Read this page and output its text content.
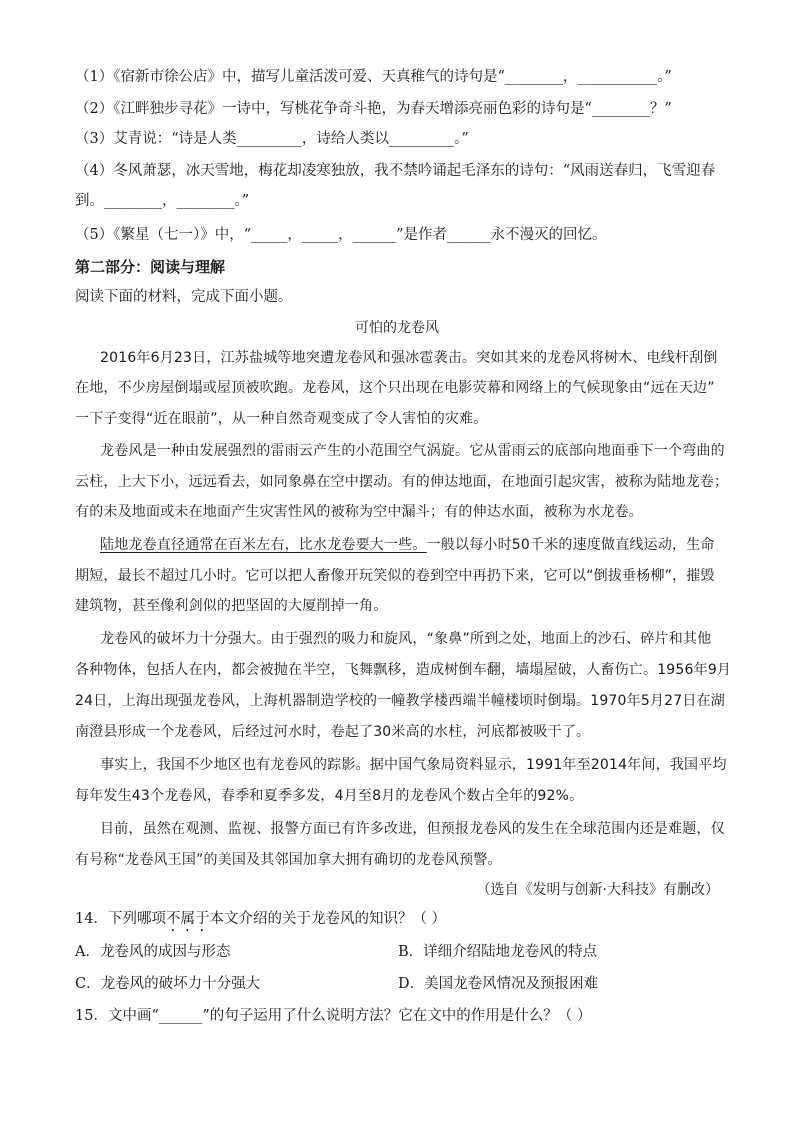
（1）《宿新市徐公店》中，描写儿童活泼可爱、天真稚气的诗句是“________，___________。”
（2）《江畔独步寻花》一诗中，写桃花争奇斗艳，为春天增添亮丽色彩的诗句是“________？”
（3）艾青说：“诗是人类_________，诗给人类以_________。”
（4）冬风萧瑟，冰天雪地，梅花却凌寒独放，我不禁吟诵起毛泽东的诗句：“风雨送春归，飞雪迎春
到。________，________。”
（5）《繁星（七一）》中，“_____，_____，______”是作者______永不漫灭的回忆。
第二部分：阅读与理解
阅读下面的材料，完成下面小题。
可怕的龙卷风
2016年6月23日，江苏盐城等地突遭龙卷风和强冰雹袭击。突如其来的龙卷风将树木、电线杆刮倒
在地，不少房屋倒塌或屋顶被吹跑。龙卷风，这个只出现在电影荧幕和网络上的气候现象由“远在天边”
一下子变得“近在眼前”，从一种自然奇观变成了令人害怕的灾难。
龙卷风是一种由发展强烈的雷雨云产生的小范围空气涡旋。它从雷雨云的底部向地面垂下一个弯曲的
云柱，上大下小，远远看去，如同象鼻在空中摆动。有的伸达地面，在地面引起灾害，被称为陆地龙卷；
有的未及地面或未在地面产生灾害性风的被称为空中漏斗；有的伸达水面，被称为水龙卷。
陆地龙卷直径通常在百米左右，比水龙卷要大一些。一般以每小时50千米的速度做直线运动，生命
期短，最长不超过几小时。它可以把人畜像开玩笑似的卷到空中再扔下来，它可以“倒拔垂杨柳”，摧毁
建筑物，甚至像利剑似的把坚固的大厦削掉一角。
龙卷风的破坏力十分强大。由于强烈的吸力和旋风，“象鼻”所到之处，地面上的沙石、碎片和其他
各种物体，包括人在内，都会被抛在半空，飞舞飘移，造成树倒车翻，墙塌屋破，人畜伤亡。1956年9月
24日，上海出现强龙卷风，上海机器制造学校的一幢教学楼西端半幢楼顷时倒塌。1970年5月27日在湖
南澄县形成一个龙卷风，后经过河水时，卷起了30米高的水柱，河底都被吸干了。
事实上，我国不少地区也有龙卷风的踪影。据中国气象局资料显示，1991年至2014年间，我国平均
每年发生43个龙卷风，春季和夏季多发，4月至8月的龙卷风个数占全年的92%。
目前，虽然在观测、监视、报警方面已有许多改进，但预报龙卷风的发生在全球范围内还是难题，仅
有号称“龙卷风王国”的美国及其邻国加拿大拥有确切的龙卷风预警。
（选自《发明与创新·大科技》有删改）
14．下列哪项不属于本文介绍的关于龙卷风的知识？（ ）
A．龙卷风的成因与形态	B．详细介绍陆地龙卷风的特点
C．龙卷风的破坏力十分强大	D．美国龙卷风情况及预报困难
15．文中画“______”的句子运用了什么说明方法？它在文中的作用是什么？（ ）
